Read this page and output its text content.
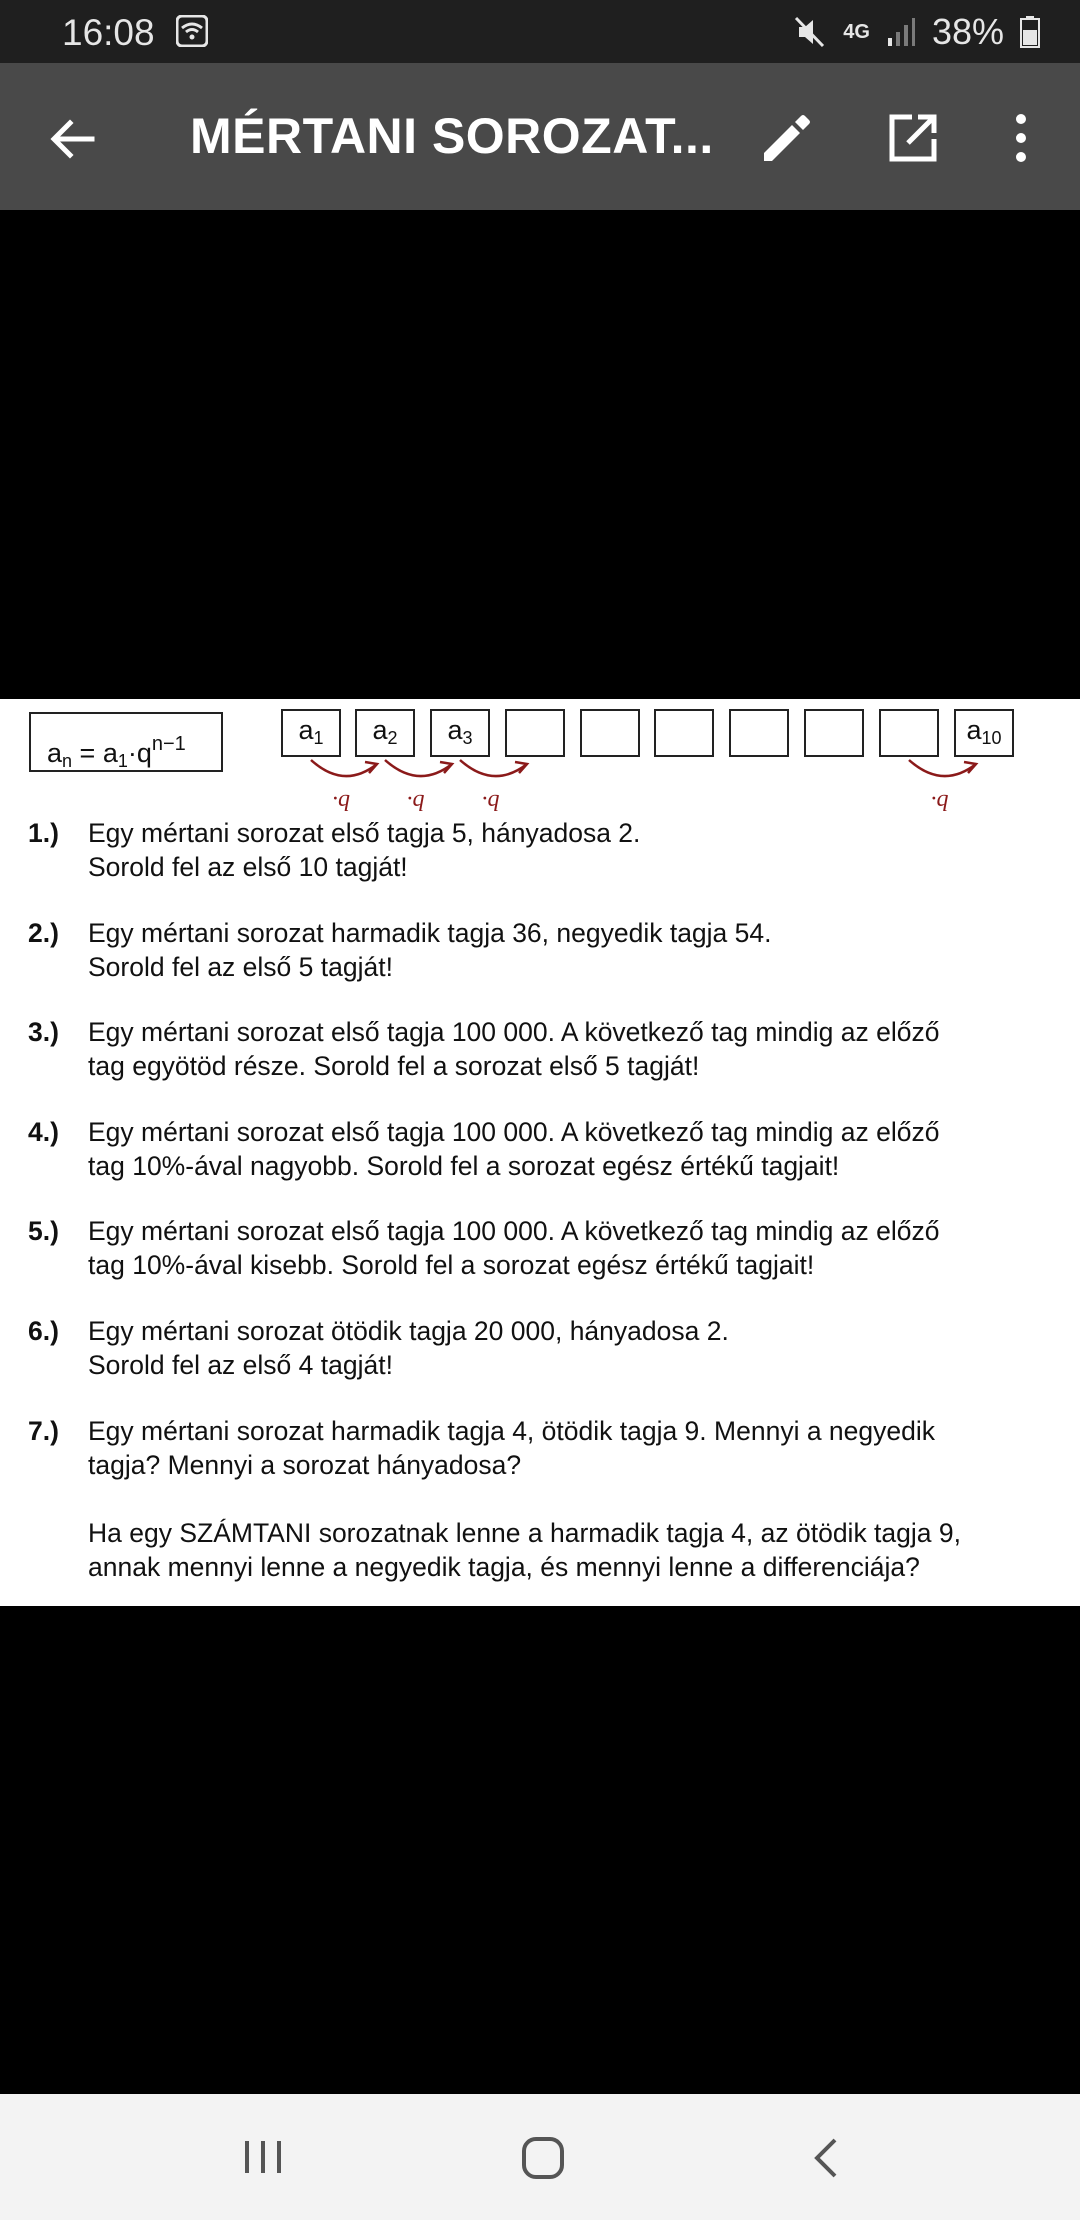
16:08	4G 38%
MÉRTANI SOROZAT...
$a_n = a_1\cdot q^{n-1}$	$a_1$	$a_2$	$a_3$	$a_{10}$
·q ·q ·q	·q
1.) Egy mértani sorozat első tagja 5, hányadosa 2.
Sorold fel az első 10 tagját!
2.) Egy mértani sorozat harmadik tagja 36, negyedik tagja 54.
Sorold fel az első 5 tagját!
3.) Egy mértani sorozat első tagja 100 000. A következő tag mindig az előző
tag egyötöd része. Sorold fel a sorozat első 5 tagját!
4.) Egy mértani sorozat első tagja 100 000. A következő tag mindig az előző
tag 10%-ával nagyobb. Sorold fel a sorozat egész értékű tagjait!
5.) Egy mértani sorozat első tagja 100 000. A következő tag mindig az előző
tag 10%-ával kisebb. Sorold fel a sorozat egész értékű tagjait!
6.) Egy mértani sorozat ötödik tagja 20 000, hányadosa 2.
Sorold fel az első 4 tagját!
7.) Egy mértani sorozat harmadik tagja 4, ötödik tagja 9. Mennyi a negyedik
tagja? Mennyi a sorozat hányadosa?
Ha egy SZÁMTANI sorozatnak lenne a harmadik tagja 4, az ötödik tagja 9,
annak mennyi lenne a negyedik tagja, és mennyi lenne a differenciája?
